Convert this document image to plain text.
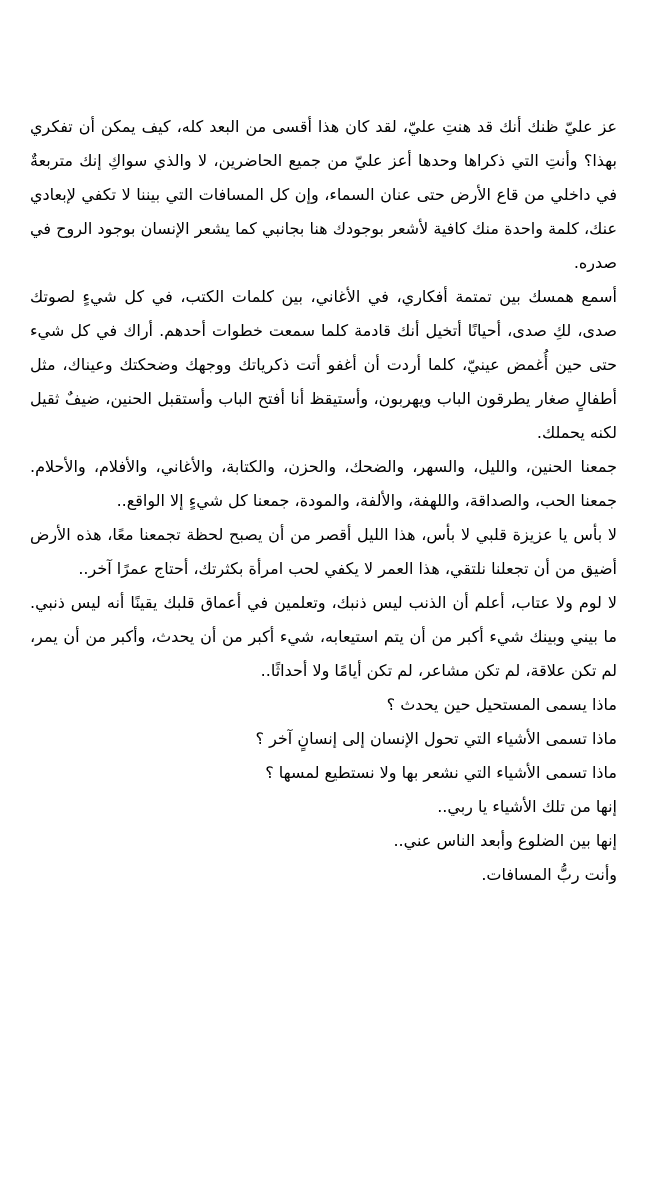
عز عليّ ظنك أنك قد هنتِ عليّ، لقد كان هذا أقسى من البعد كله، كيف يمكن أن تفكري بهذا؟ وأنتِ التي ذكراها وحدها أعز عليّ من جميع الحاضرين، لا والذي سواكِ إنك متربعةٌ في داخلي من قاع الأرض حتى عنان السماء، وإن كل المسافات التي بيننا لا تكفي لإبعادي عنك، كلمة واحدة منك كافية لأشعر بوجودك هنا بجانبي كما يشعر الإنسان بوجود الروح في صدره.

أسمع همسك بين تمتمة أفكاري، في الأغاني، بين كلمات الكتب، في كل شيءٍ لصوتك صدى، لكِ صدى، أحيانًا أتخيل أنك قادمة كلما سمعت خطوات أحدهم. أراك في كل شيء حتى حين أُغمض عينيّ، كلما أردت أن أغفو أتت ذكرياتك ووجهك وضحكتك وعيناك، مثل أطفالٍ صغار يطرقون الباب ويهربون، وأستيقظ أنا أفتح الباب وأستقبل الحنين، ضيفٌ ثقيل لكنه يحملك.

جمعنا الحنين، والليل، والسهر، والضحك، والحزن، والكتابة، والأغاني، والأفلام، والأحلام. جمعنا الحب، والصداقة، واللهفة، والألفة، والمودة، جمعنا كل شيءٍ إلا الواقع..

لا بأس يا عزيزة قلبي لا بأس، هذا الليل أقصر من أن يصبح لحظة تجمعنا معًا، هذه الأرض أضيق من أن تجعلنا نلتقي، هذا العمر لا يكفي لحب امرأة بكثرتك، أحتاج عمرًا آخر..

لا لوم ولا عتاب، أعلم أن الذنب ليس ذنبك، وتعلمين في أعماق قلبك يقينًا أنه ليس ذنبي. ما بيني وبينك شيء أكبر من أن يتم استيعابه، شيء أكبر من أن يحدث، وأكبر من أن يمر، لم تكن علاقة، لم تكن مشاعر، لم تكن أيامًا ولا أحداثًا..

ماذا يسمى المستحيل حين يحدث ؟

ماذا تسمى الأشياء التي تحول الإنسان إلى إنسانٍ آخر ؟

ماذا تسمى الأشياء التي نشعر بها ولا نستطيع لمسها ؟

إنها من تلك الأشياء يا ربي..

إنها بين الضلوع وأبعد الناس عني..

وأنت ربُّ المسافات.
